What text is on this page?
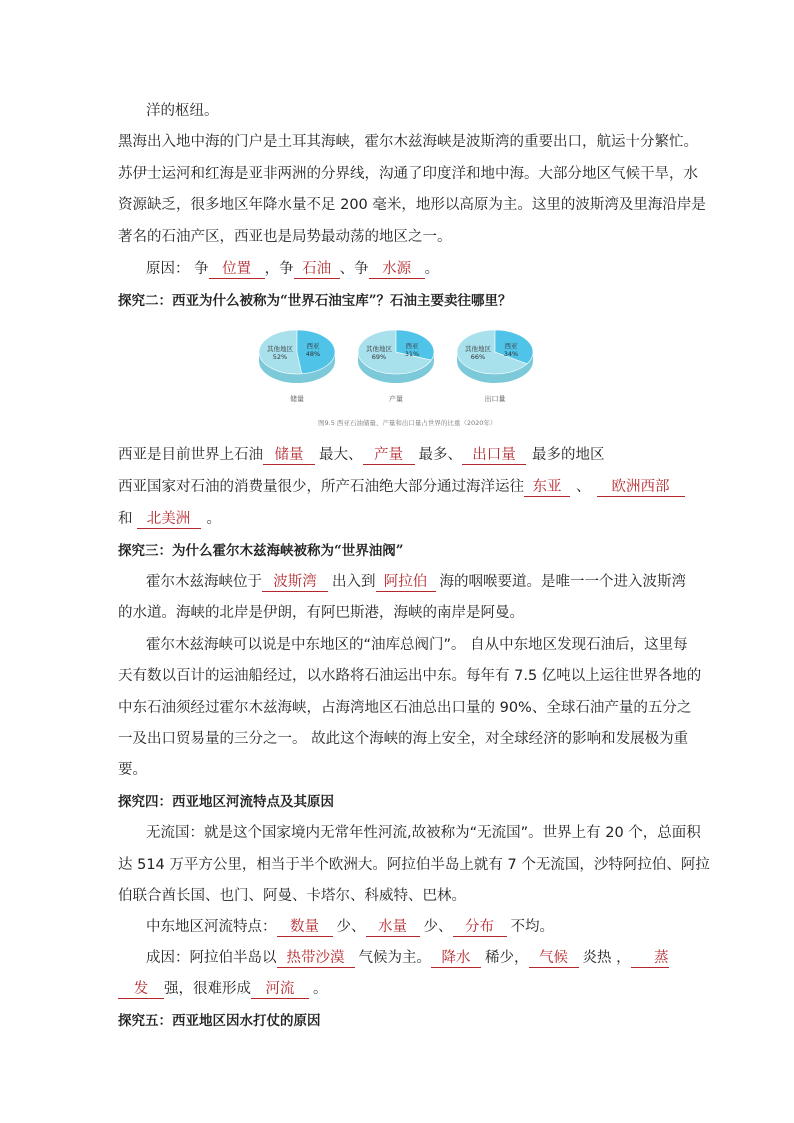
洋的枢纽。
黑海出入地中海的门户是土耳其海峡，霍尔木兹海峡是波斯湾的重要出口，航运十分繁忙。
苏伊士运河和红海是亚非两洲的分界线，沟通了印度洋和地中海。大部分地区气候干旱，水
资源缺乏，很多地区年降水量不足 200 毫米，地形以高原为主。这里的波斯湾及里海沿岸是
著名的石油产区，西亚也是局势最动荡的地区之一。
原因： 争 位置 ，争 石油 、争 水源 。
探究二：西亚为什么被称为“世界石油宝库”？石油主要卖往哪里？
西亚
48%
其他地区
52%
储量
西亚
31%
其他地区
69%
产量
西亚
34%
其他地区
66%
出口量
图9.5 西亚石油储量、产量和出口量占世界的比重（2020年）
西亚是目前世界上石油 储量 最大、 产量 最多、 出口量 最多的地区
西亚国家对石油的消费量很少，所产石油绝大部分通过海洋运往 东亚 、 欧洲西部
和 北美洲 。
探究三：为什么霍尔木兹海峡被称为“世界油阀”
霍尔木兹海峡位于 波斯湾 出入到 阿拉伯 海的咽喉要道。是唯一一个进入波斯湾
的水道。海峡的北岸是伊朗，有阿巴斯港，海峡的南岸是阿曼。
霍尔木兹海峡可以说是中东地区的“油库总阀门”。 自从中东地区发现石油后，这里每
天有数以百计的运油船经过，以水路将石油运出中东。每年有 7.5 亿吨以上运往世界各地的
中东石油须经过霍尔木兹海峡，占海湾地区石油总出口量的 90%、全球石油产量的五分之
一及出口贸易量的三分之一。 故此这个海峡的海上安全，对全球经济的影响和发展极为重
要。
探究四：西亚地区河流特点及其原因
无流国：就是这个国家境内无常年性河流,故被称为“无流国”。世界上有 20 个，总面积
达 514 万平方公里，相当于半个欧洲大。阿拉伯半岛上就有 7 个无流国，沙特阿拉伯、阿拉
伯联合酋长国、也门、阿曼、卡塔尔、科威特、巴林。
中东地区河流特点： 数量 少、 水量 少、 分布 不均。
成因：阿拉伯半岛以 热带沙漠 气候为主。 降水 稀少， 气候 炎热 ， 蒸
发 强，很难形成 河流 。
探究五：西亚地区因水打仗的原因
